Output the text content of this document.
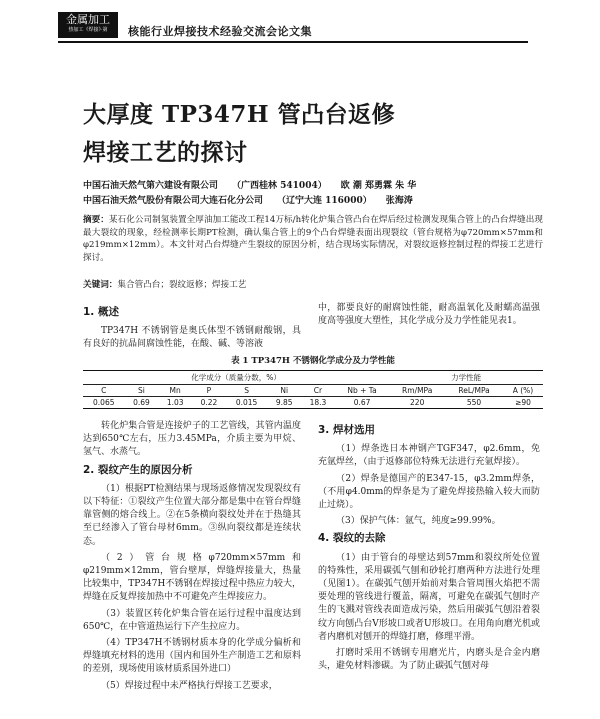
金属加工
热加工《焊接》·第	核能行业焊接技术经验交流会论文集
大厚度 TP347H 管凸台返修焊接工艺的探讨
中国石油天然气第六建设有限公司 （广西桂林 541004） 欧 潮 郑勇霖 朱 华
中国石油天然气股份有限公司大连石化分公司 （辽宁大连 116000） 张海涛
摘要：某石化公司制氢装置全厚油加工能改工程14万标/h转化炉集合管凸台在焊后经过检测发现集合管上的凸台焊缝出现最大裂纹的现象，经检测率长期PT检测，确认集合管上的9个凸台焊缝表面出现裂纹（管台规格为φ720mm×57mm和φ219mm×12mm）。本文针对凸台焊缝产生裂纹的原因分析，结合现场实际情况，对裂纹返修控制过程的焊接工艺进行探讨。
关键词：集合管凸台；裂纹返修；焊接工艺
1. 概述

TP347H 不锈钢管是奥氏体型不锈钢耐酸钢，具有良好的抗晶间腐蚀性能，在酸、碱、等溶液

中，都要良好的耐腐蚀性能，耐高温氧化及耐蠕高温强度高等强度大塑性，其化学成分及力学性能见表1。

表 1 TP347H 不锈钢化学成分及力学性能
化学成分（质量分数，%）								力学性能		
C	Si	Mn	P	S	Ni	Cr	Nb + Ta	Rm/MPa	ReL/MPa	A (%)
0.065	0.69	1.03	0.22	0.015	9.85	18.3	0.67	220	550	≥90

转化炉集合管是连接炉子的工艺管线，其管内温度达到650℃左右，压力3.45MPa，介质主要为甲烷、氢气、水蒸气。

2. 裂纹产生的原因分析

（1）根据PT检测结果与现场返修情况发现裂纹有以下特征：①裂纹产生位置大部分都是集中在管台焊缝靠管侧的熔合线上。②在5条横向裂纹处并在于热缝其至已经渗入了管台母材6mm。③纵向裂纹都是连续状态。

（2）管台规格φ720mm×57mm和φ219mm×12mm，管台壁厚，焊缝焊接量大，热量比较集中，TP347H不锈钢在焊接过程中热应力较大，焊缝在反复焊接加热中不可避免产生焊接应力。

（3）装置区转化炉集合管在运行过程中温度达到650℃，在中管道热运行下产生拉应力。

（4）TP347H不锈钢材质本身的化学成分偏析和焊缝填充材料的选用（国内和国外生产制造工艺和原料的差别，现场使用该材质系国外进口）

（5）焊接过程中未严格执行焊接工艺要求，

3. 焊材选用

（1）焊条选日本神钢产TGF347，φ2.6mm，免充氩焊丝，（由于返修部位特殊无法进行充氩焊接）。

（2）焊条是德国产的E347-15，φ3.2mm焊条，（不用φ4.0mm的焊条是为了避免焊接热输入较大而防止过烧）。

（3）保护气体：氩气，纯度≥99.99%。

4. 裂纹的去除

（1）由于管台的母壁达到57mm和裂纹所处位置的特殊性，采用碳弧气刨和砂轮打磨两种方法进行处理（见图1）。在碳弧气刨开始前对集合管周围火焰把不需要处理的管线进行覆盖，隔离，可避免在碳弧气刨时产生的飞溅对管线表面造成污染，然后用碳弧气刨沿着裂纹方向刨凸台V形坡口或者U形坡口。在用角向磨光机或者内磨机对刨开的焊缝打磨，修理平滑。

打磨时采用不锈钢专用磨光片，内磨头是合金内磨头，避免材料渗碳。为了防止碳弧气刨对母
